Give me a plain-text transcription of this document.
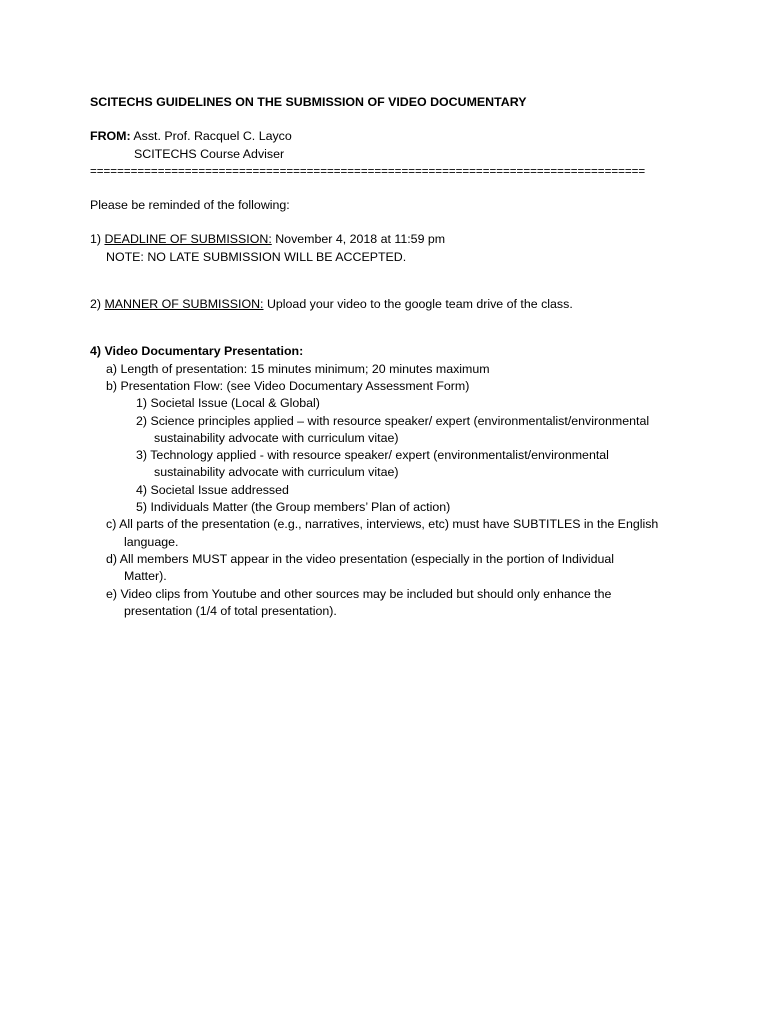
SCITECHS GUIDELINES ON THE SUBMISSION OF VIDEO DOCUMENTARY
FROM: Asst. Prof. Racquel C. Layco
SCITECHS Course Adviser
==================================================================================
Please be reminded of the following:
1) DEADLINE OF SUBMISSION: November 4, 2018 at 11:59 pm
NOTE: NO LATE SUBMISSION WILL BE ACCEPTED.
2) MANNER OF SUBMISSION: Upload your video to the google team drive of the class.
4) Video Documentary Presentation:
a) Length of presentation: 15 minutes minimum; 20 minutes maximum
b) Presentation Flow: (see Video Documentary Assessment Form)
1) Societal Issue (Local & Global)
2) Science principles applied – with resource speaker/ expert (environmentalist/environmental
sustainability advocate with curriculum vitae)
3) Technology applied - with resource speaker/ expert (environmentalist/environmental
sustainability advocate with curriculum vitae)
4) Societal Issue addressed
5) Individuals Matter (the Group members’ Plan of action)
c) All parts of the presentation (e.g., narratives, interviews, etc) must have SUBTITLES in the English
language.
d) All members MUST appear in the video presentation (especially in the portion of Individual
Matter).
e) Video clips from Youtube and other sources may be included but should only enhance the
presentation (1/4 of total presentation).
